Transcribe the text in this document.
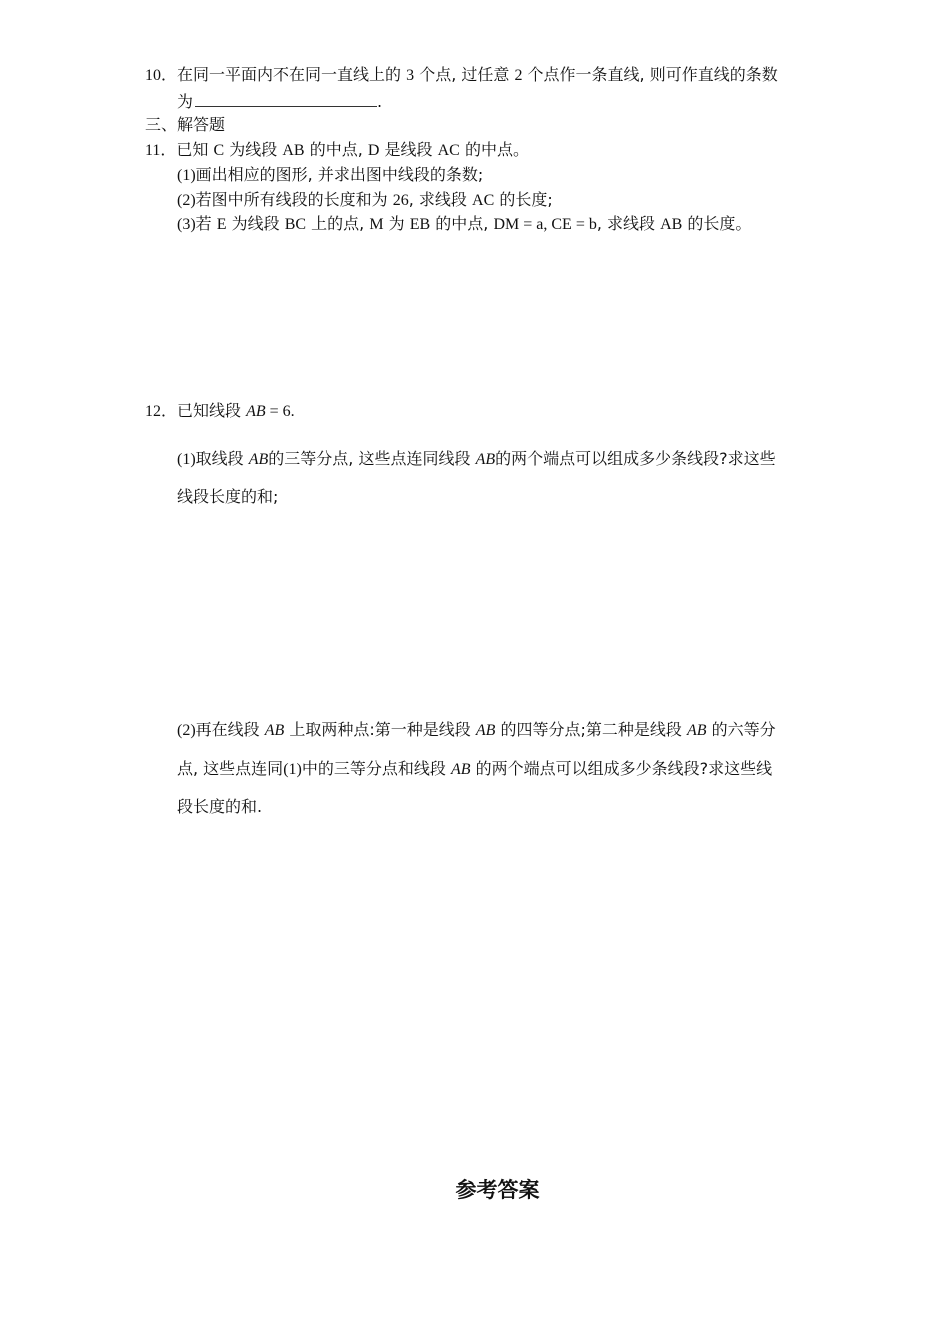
10．在同一平面内不在同一直线上的 3 个点, 过任意 2 个点作一条直线, 则可作直线的条数
为	.
三、解答题
11．已知 C 为线段 AB 的中点, D 是线段 AC 的中点。
(1)画出相应的图形, 并求出图中线段的条数;
(2)若图中所有线段的长度和为 26, 求线段 AC 的长度;
(3)若 E 为线段 BC 上的点, M 为 EB 的中点, DM = a, CE = b, 求线段 AB 的长度。
12．已知线段 AB = 6.
(1)取线段 AB的三等分点, 这些点连同线段 AB的两个端点可以组成多少条线段?求这些
线段长度的和;
(2)再在线段 AB 上取两种点:第一种是线段 AB 的四等分点;第二种是线段 AB 的六等分
点, 这些点连同(1)中的三等分点和线段 AB 的两个端点可以组成多少条线段?求这些线
段长度的和.
参考答案
